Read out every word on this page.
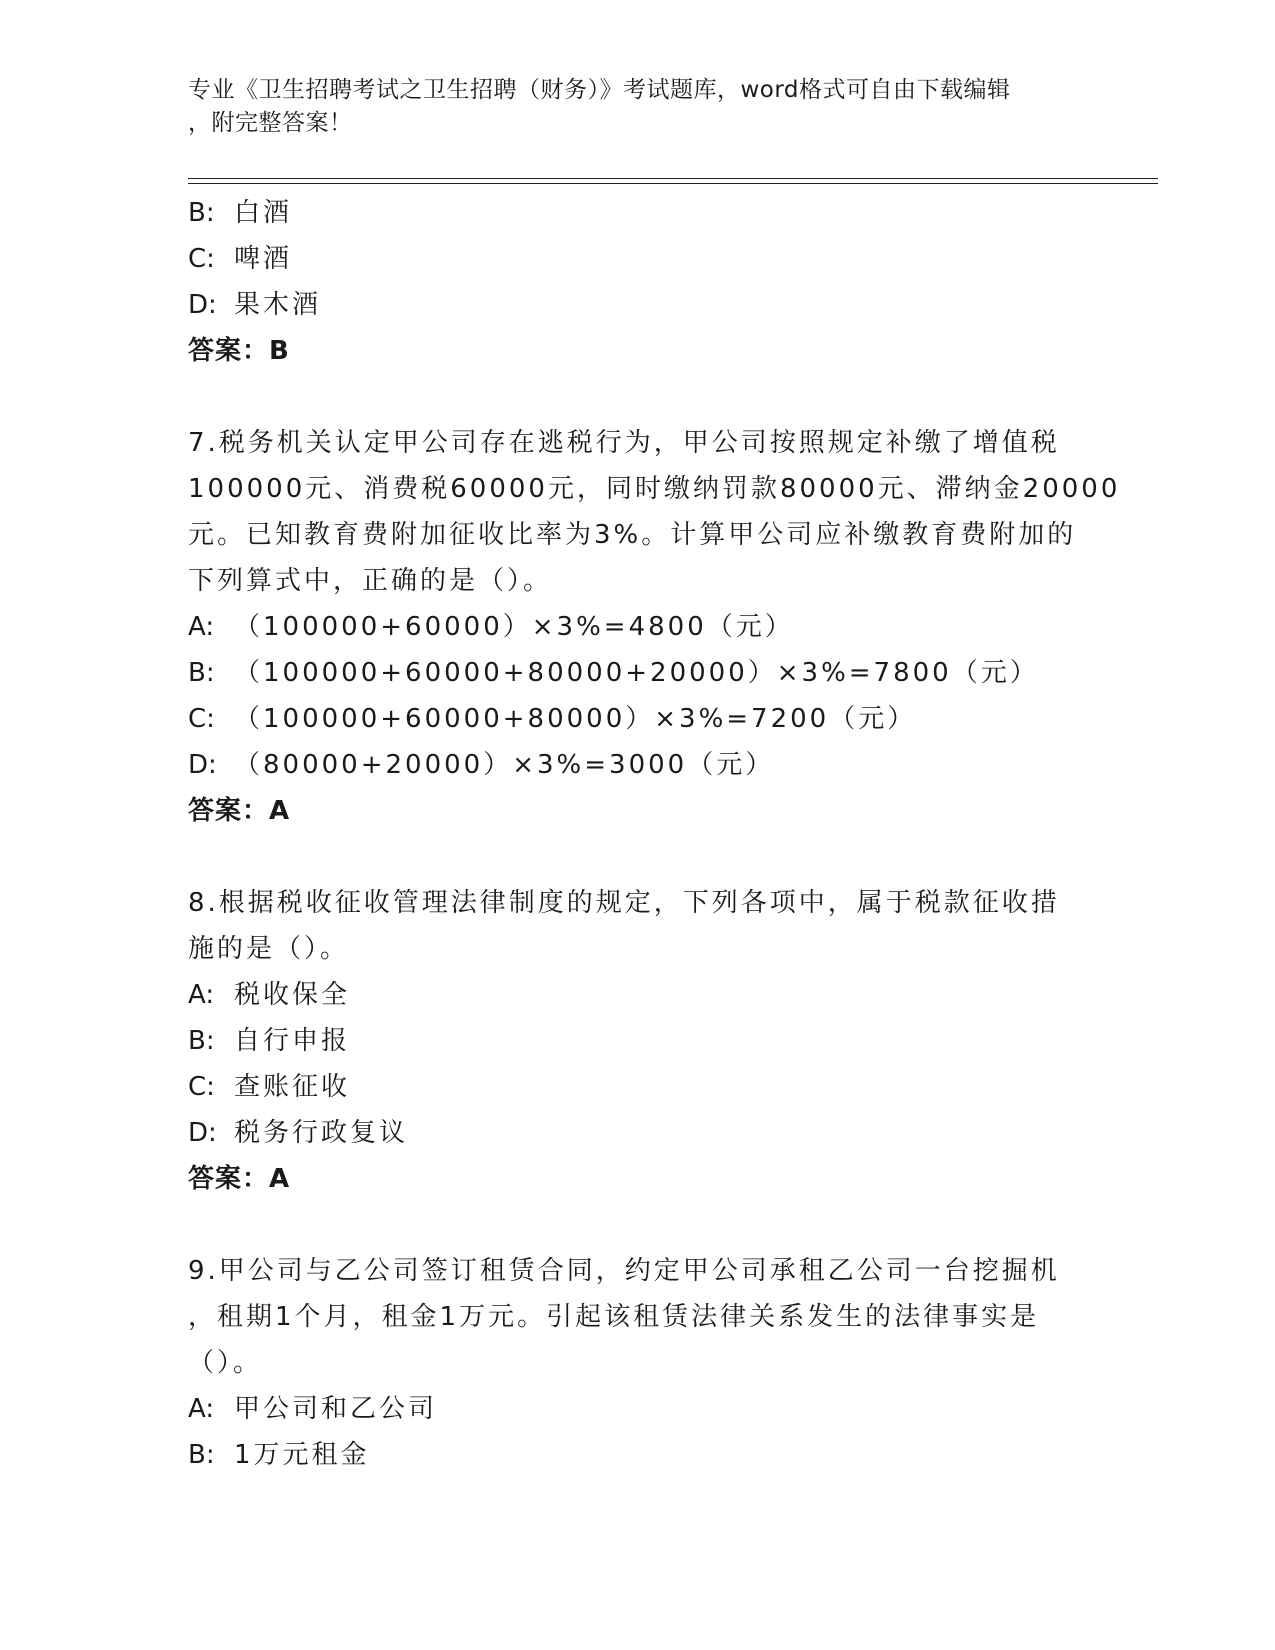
专业《卫生招聘考试之卫生招聘（财务）》考试题库，word格式可自由下载编辑
，附完整答案！
B: 白酒
C: 啤酒
D: 果木酒
答案：B
7.税务机关认定甲公司存在逃税行为，甲公司按照规定补缴了增值税
100000元、消费税60000元，同时缴纳罚款80000元、滞纳金20000
元。已知教育费附加征收比率为3%。计算甲公司应补缴教育费附加的
下列算式中，正确的是（）。
A: （100000+60000）×3%=4800（元）
B: （100000+60000+80000+20000）×3%=7800（元）
C: （100000+60000+80000）×3%=7200（元）
D: （80000+20000）×3%=3000（元）
答案：A
8.根据税收征收管理法律制度的规定，下列各项中，属于税款征收措
施的是（）。
A: 税收保全
B: 自行申报
C: 查账征收
D: 税务行政复议
答案：A
9.甲公司与乙公司签订租赁合同，约定甲公司承租乙公司一台挖掘机
，租期1个月，租金1万元。引起该租赁法律关系发生的法律事实是
（）。
A: 甲公司和乙公司
B: 1万元租金
